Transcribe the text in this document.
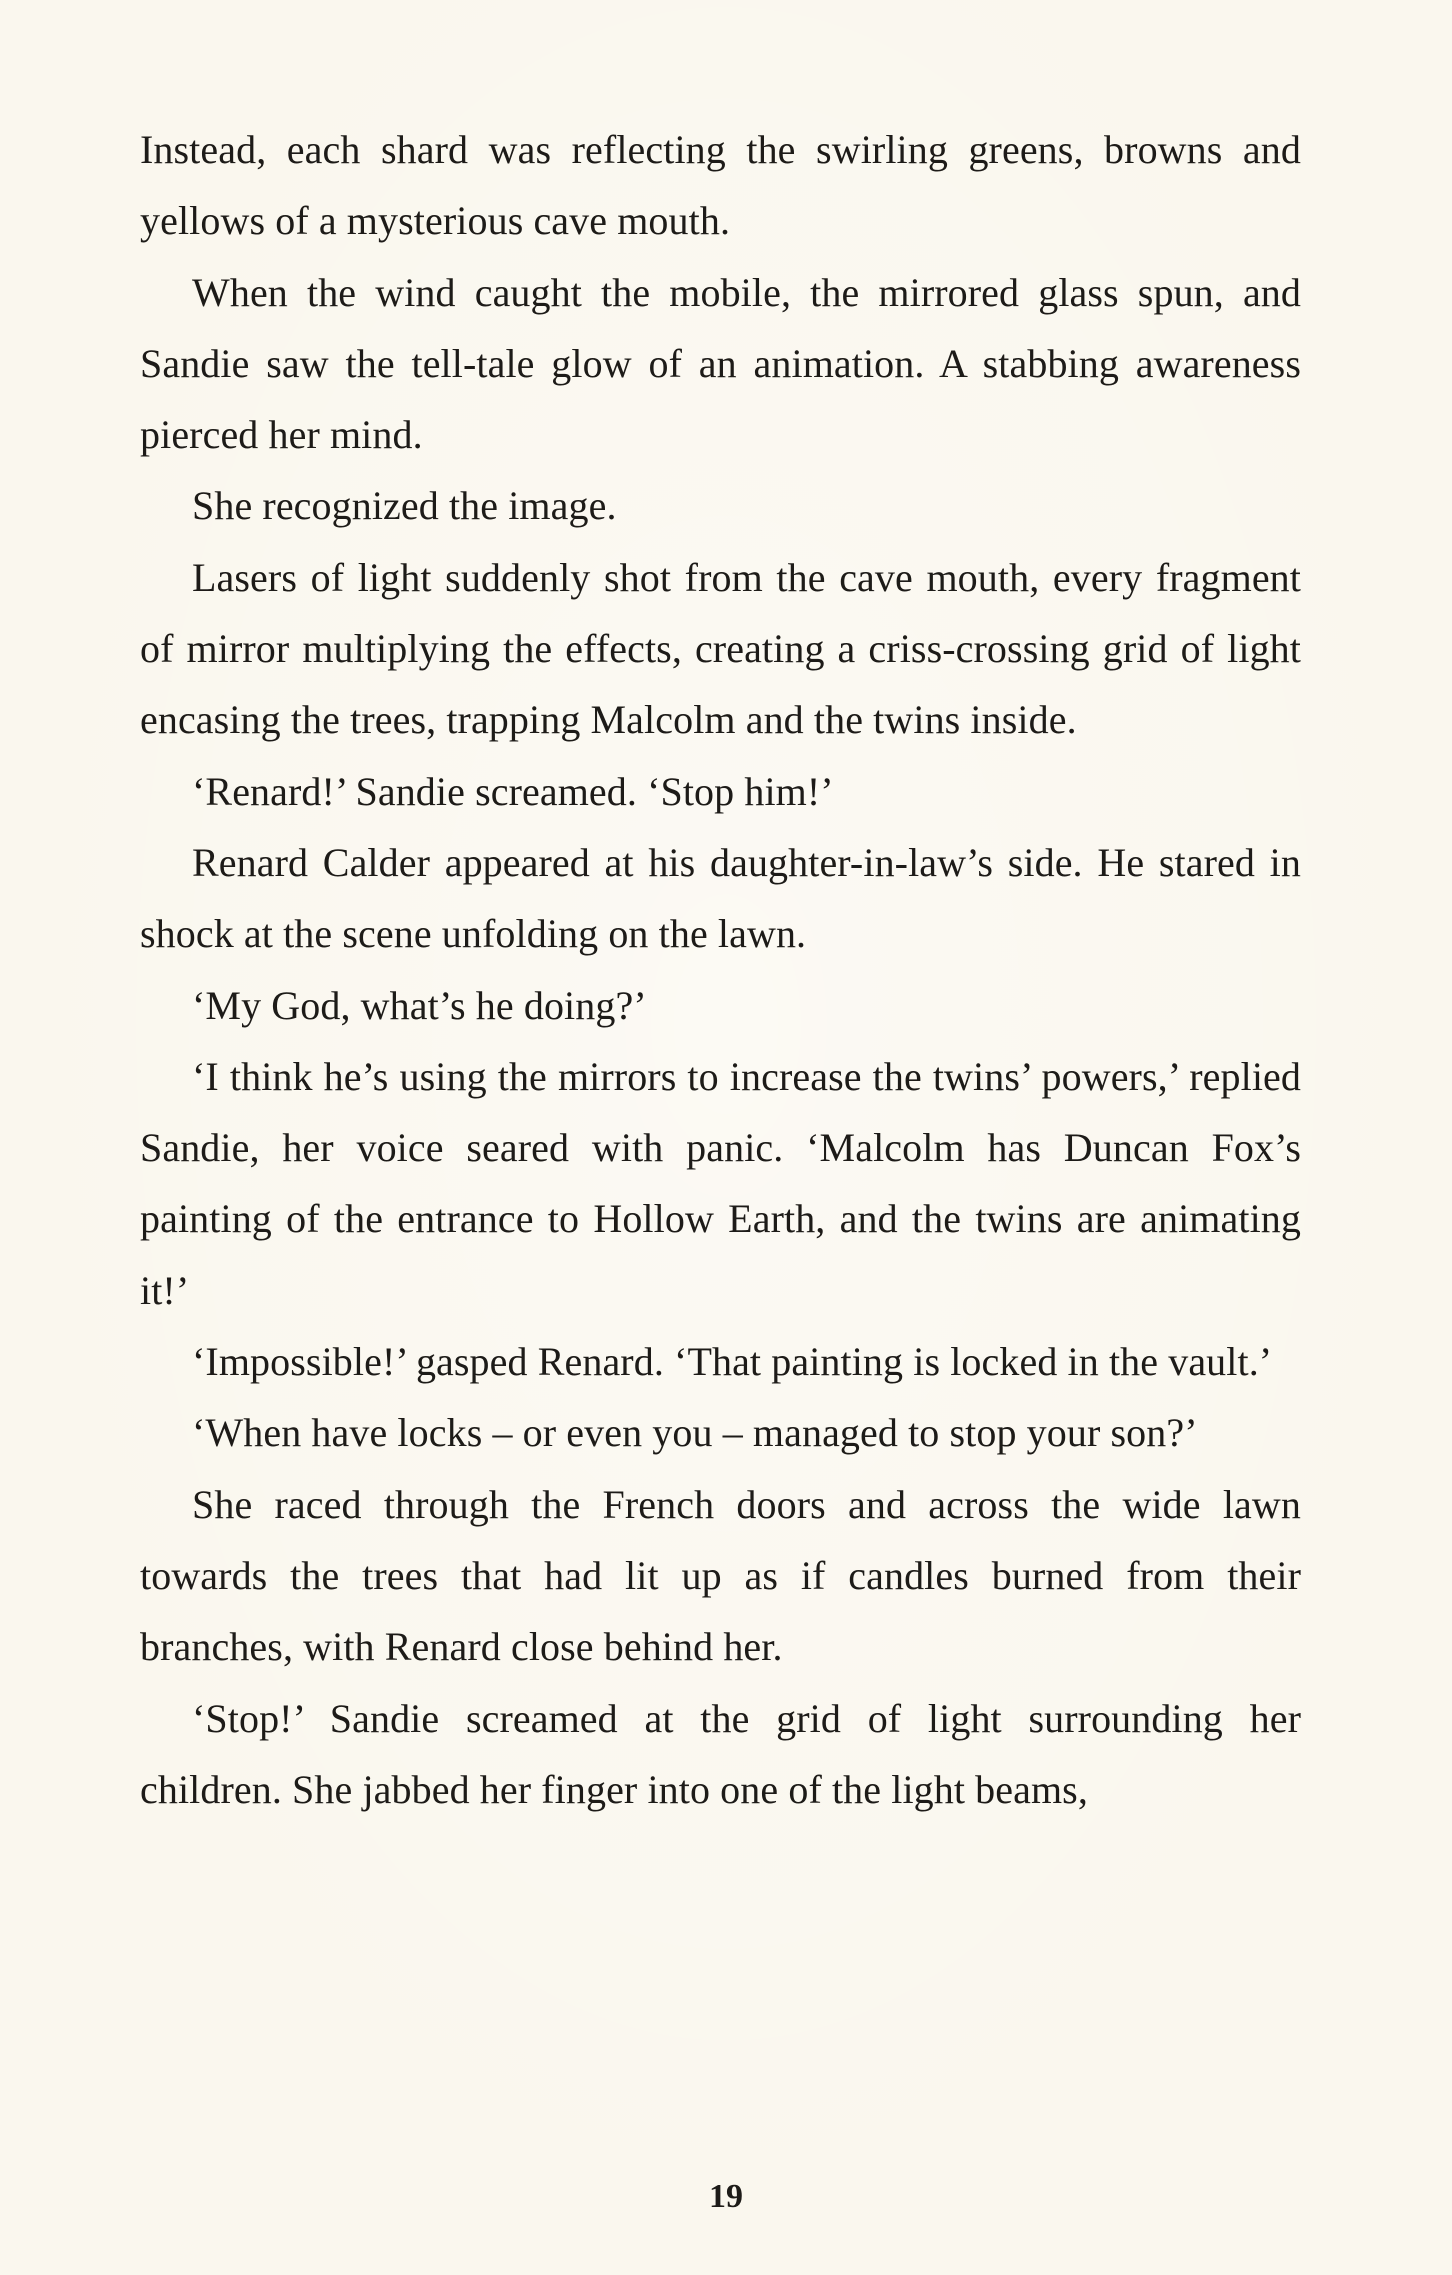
Instead, each shard was reflecting the swirling greens, browns and yellows of a mysterious cave mouth.

When the wind caught the mobile, the mirrored glass spun, and Sandie saw the tell-tale glow of an animation. A stabbing awareness pierced her mind.

She recognized the image.

Lasers of light suddenly shot from the cave mouth, every fragment of mirror multiplying the effects, creating a criss-crossing grid of light encasing the trees, trapping Malcolm and the twins inside.

‘Renard!’ Sandie screamed. ‘Stop him!’

Renard Calder appeared at his daughter-in-law’s side. He stared in shock at the scene unfolding on the lawn.

‘My God, what’s he doing?’

‘I think he’s using the mirrors to increase the twins’ powers,’ replied Sandie, her voice seared with panic. ‘Malcolm has Duncan Fox’s painting of the entrance to Hollow Earth, and the twins are animating it!’

‘Impossible!’ gasped Renard. ‘That painting is locked in the vault.’

‘When have locks – or even you – managed to stop your son?’

She raced through the French doors and across the wide lawn towards the trees that had lit up as if candles burned from their branches, with Renard close behind her.

‘Stop!’ Sandie screamed at the grid of light surrounding her children. She jabbed her finger into one of the light beams,

19
